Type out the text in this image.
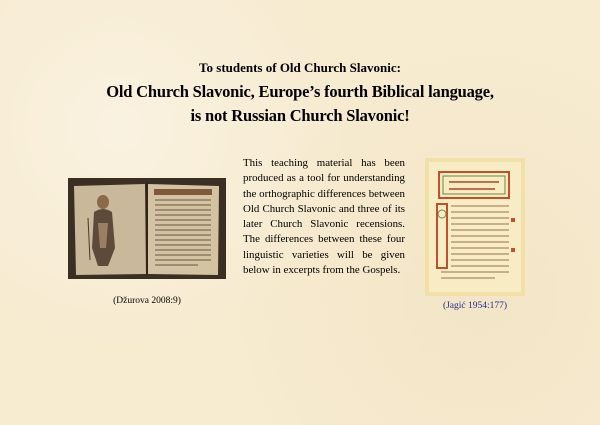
To students of Old Church Slavonic:
Old Church Slavonic, Europe’s fourth Biblical language,
is not Russian Church Slavonic!
(Džurova 2008:9)

This teaching material has been produced as a tool for understanding the orthographic differences between Old Church Slavonic and three of its later Church Slavonic recensions. The differences between these four linguistic varieties will be given below in excerpts from the Gospels.

(Jagić 1954:177)
